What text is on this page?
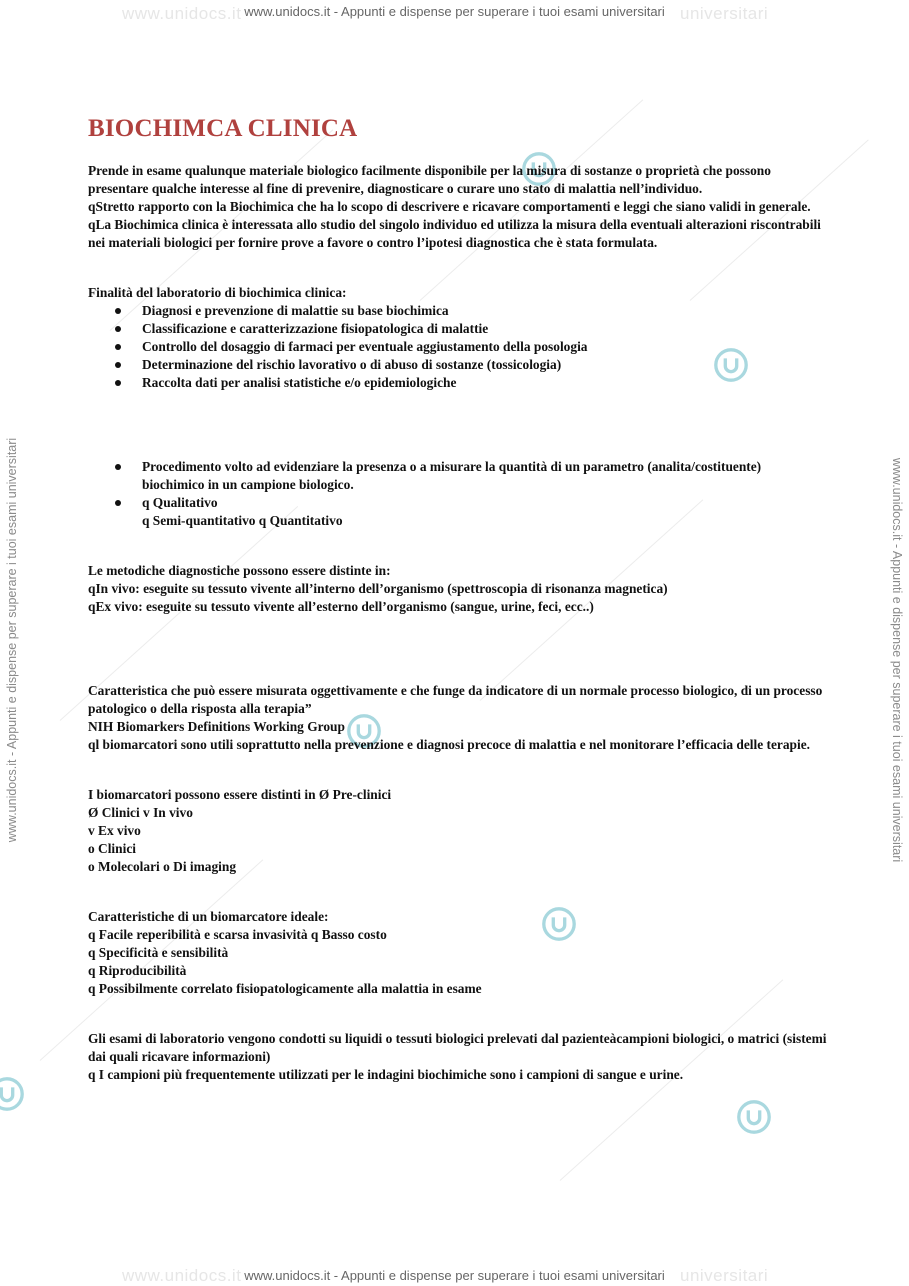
www.unidocs.it	universitari
www.unidocs.it - Appunti e dispense per superare i tuoi esami universitari
www.unidocs.it	universitari
www.unidocs.it - Appunti e dispense per superare i tuoi esami universitari
www.unidocs.it - Appunti e dispense per superare i tuoi esami universitari	www.unidocs.it - Appunti e dispense per superare i tuoi esami universitari
BIOCHIMCA CLINICA

Prende in esame qualunque materiale biologico facilmente disponibile per la misura di sostanze o proprietà che possono presentare qualche interesse al fine di prevenire, diagnosticare o curare uno stato di malattia nell’individuo.

qStretto rapporto con la Biochimica che ha lo scopo di descrivere e ricavare comportamenti e leggi che siano validi in generale.

qLa Biochimica clinica è interessata allo studio del singolo individuo ed utilizza la misura della eventuali alterazioni riscontrabili nei materiali biologici per fornire prove a favore o contro l’ipotesi diagnostica che è stata formulata.

Finalità del laboratorio di biochimica clinica:

Diagnosi e prevenzione di malattie su base biochimica
Classificazione e caratterizzazione fisiopatologica di malattie
Controllo del dosaggio di farmaci per eventuale aggiustamento della posologia
Determinazione del rischio lavorativo o di abuso di sostanze (tossicologia)
Raccolta dati per analisi statistiche e/o epidemiologiche
Procedimento volto ad evidenziare la presenza o a misurare la quantità di un parametro (analita/costituente) biochimico in un campione biologico.
q Qualitativo

q Semi-quantitativo q Quantitativo

Le metodiche diagnostiche possono essere distinte in:

qIn vivo: eseguite su tessuto vivente all’interno dell’organismo (spettroscopia di risonanza magnetica)

qEx vivo: eseguite su tessuto vivente all’esterno dell’organismo (sangue, urine, feci, ecc..)

Caratteristica che può essere misurata oggettivamente e che funge da indicatore di un normale processo biologico, di un processo patologico o della risposta alla terapia”

NIH Biomarkers Definitions Working Group

ql biomarcatori sono utili soprattutto nella prevenzione e diagnosi precoce di malattia e nel monitorare l’efficacia delle terapie.

I biomarcatori possono essere distinti in Ø Pre-clinici

Ø Clinici v In vivo

v Ex vivo

o Clinici

o Molecolari o Di imaging

Caratteristiche di un biomarcatore ideale:

q Facile reperibilità e scarsa invasività q Basso costo

q Specificità e sensibilità

q Riproducibilità

q Possibilmente correlato fisiopatologicamente alla malattia in esame

Gli esami di laboratorio vengono condotti su liquidi o tessuti biologici prelevati dal pazienteàcampioni biologici, o matrici (sistemi dai quali ricavare informazioni)

q I campioni più frequentemente utilizzati per le indagini biochimiche sono i campioni di sangue e urine.
